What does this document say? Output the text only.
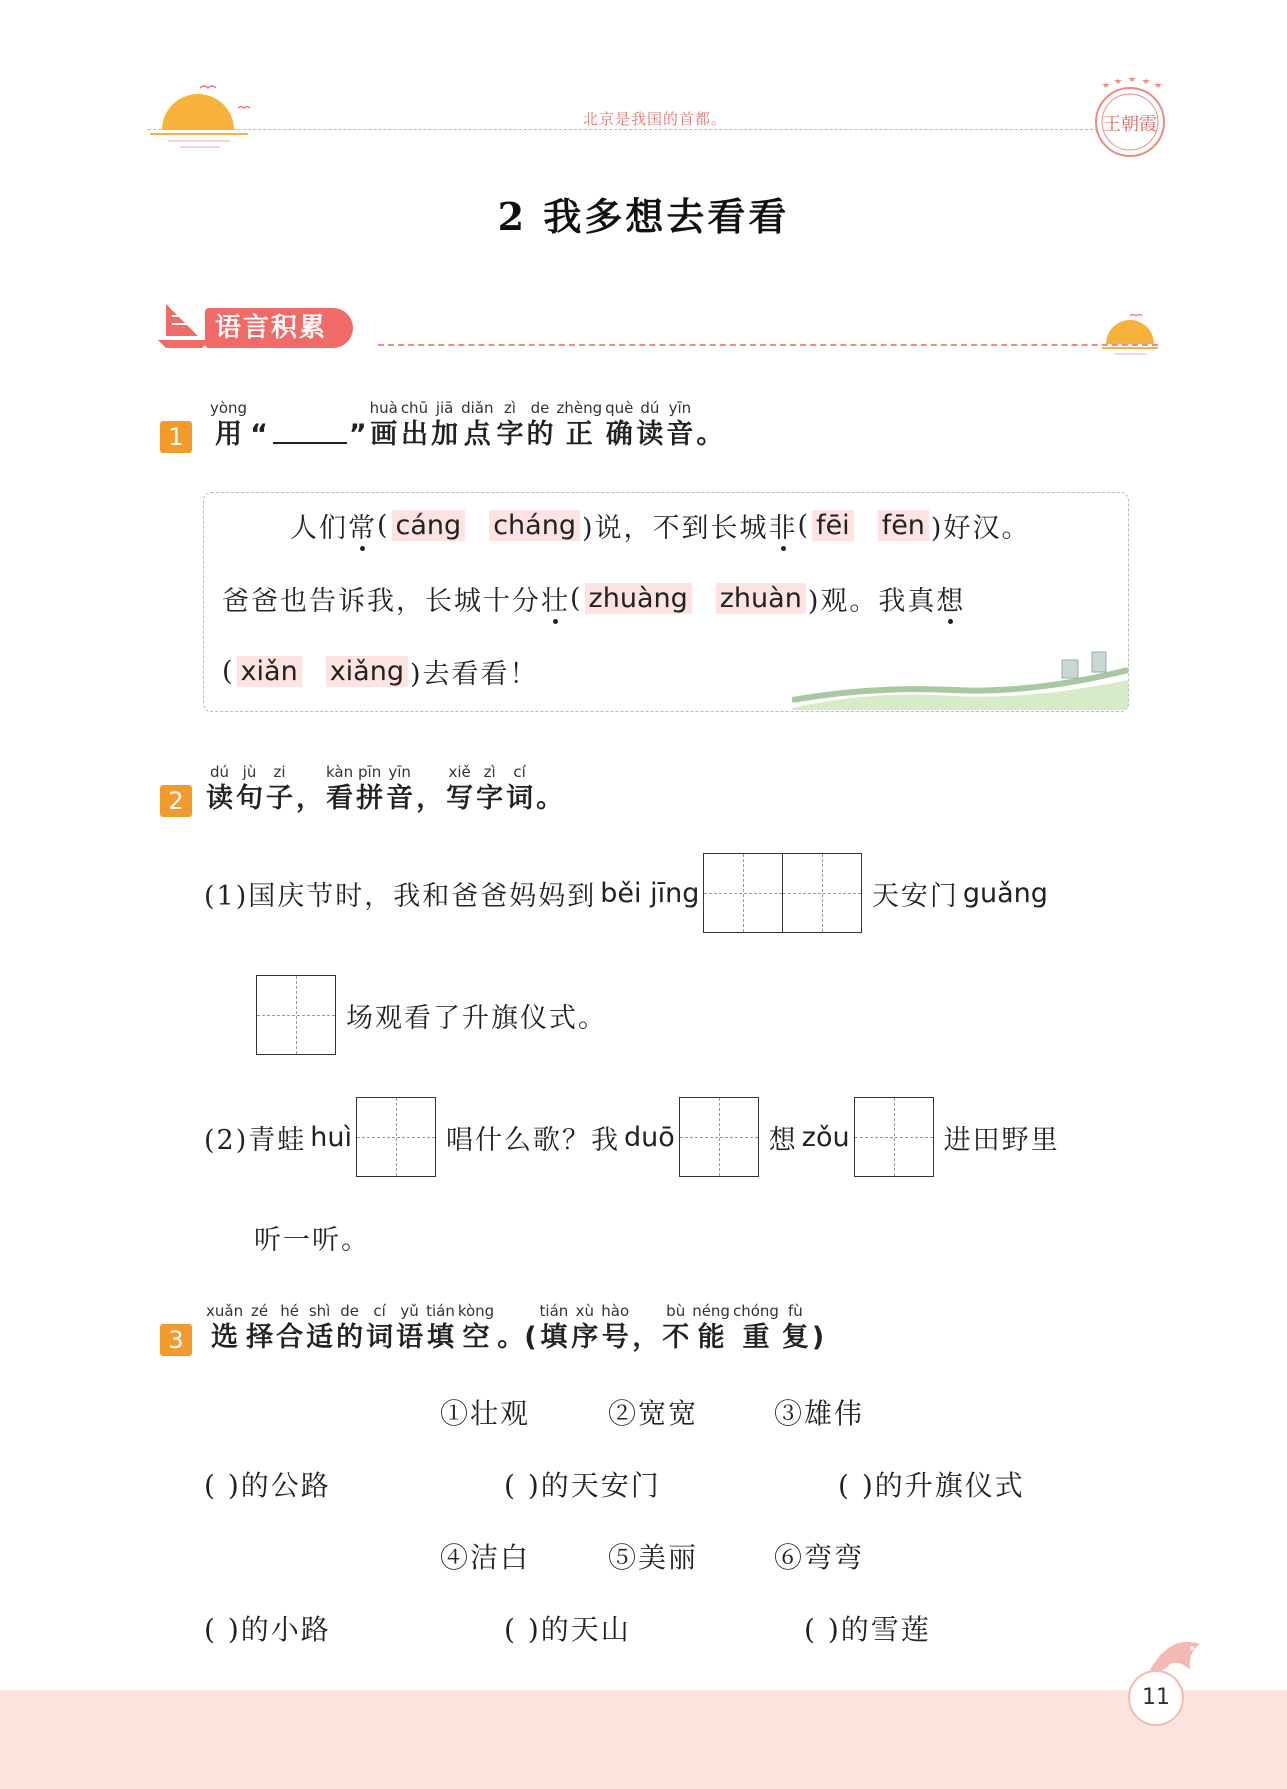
北京是我国的首都。	王朝霞
2 我多想去看看
语言积累
1
yòng
用 “	”
huà
画
chū
出
jiā
加
diǎn
点
zì
字
de
的
zhèng
正
què
确
dú
读
yīn
音 。
人们 常 ( cáng cháng )说，不到长城 非 ( fēi fēn )好汉。
爸爸也告诉我，长城十分 壮 ( zhuàng zhuàn )观。我真 想
( xiǎn xiǎng )去看看！
2
dú
读
jù
句
zi
子 ，
kàn
看
pīn
拼
yīn
音 ，
xiě
写
zì
字
cí
词 。
(1)国庆节时，我和爸爸妈妈到 běi jīng	天安门 guǎng
场观看了升旗仪式。
(2)青蛙 huì	唱什么歌？我 duō	想 zǒu	进田野里
听一听。
3
xuǎn
选
zé
择
hé
合
shì
适
de
的
cí
词
yǔ
语
tián
填
kòng
空 。(
tián
填
xù
序
hào
号 ，
bù
不
néng
能
chóng
重
fù
复 )
①壮观	②宽宽	③雄伟
( )的公路	( )的天安门	( )的升旗仪式
④洁白	⑤美丽	⑥弯弯
( )的小路	( )的天山	( )的雪莲
11
